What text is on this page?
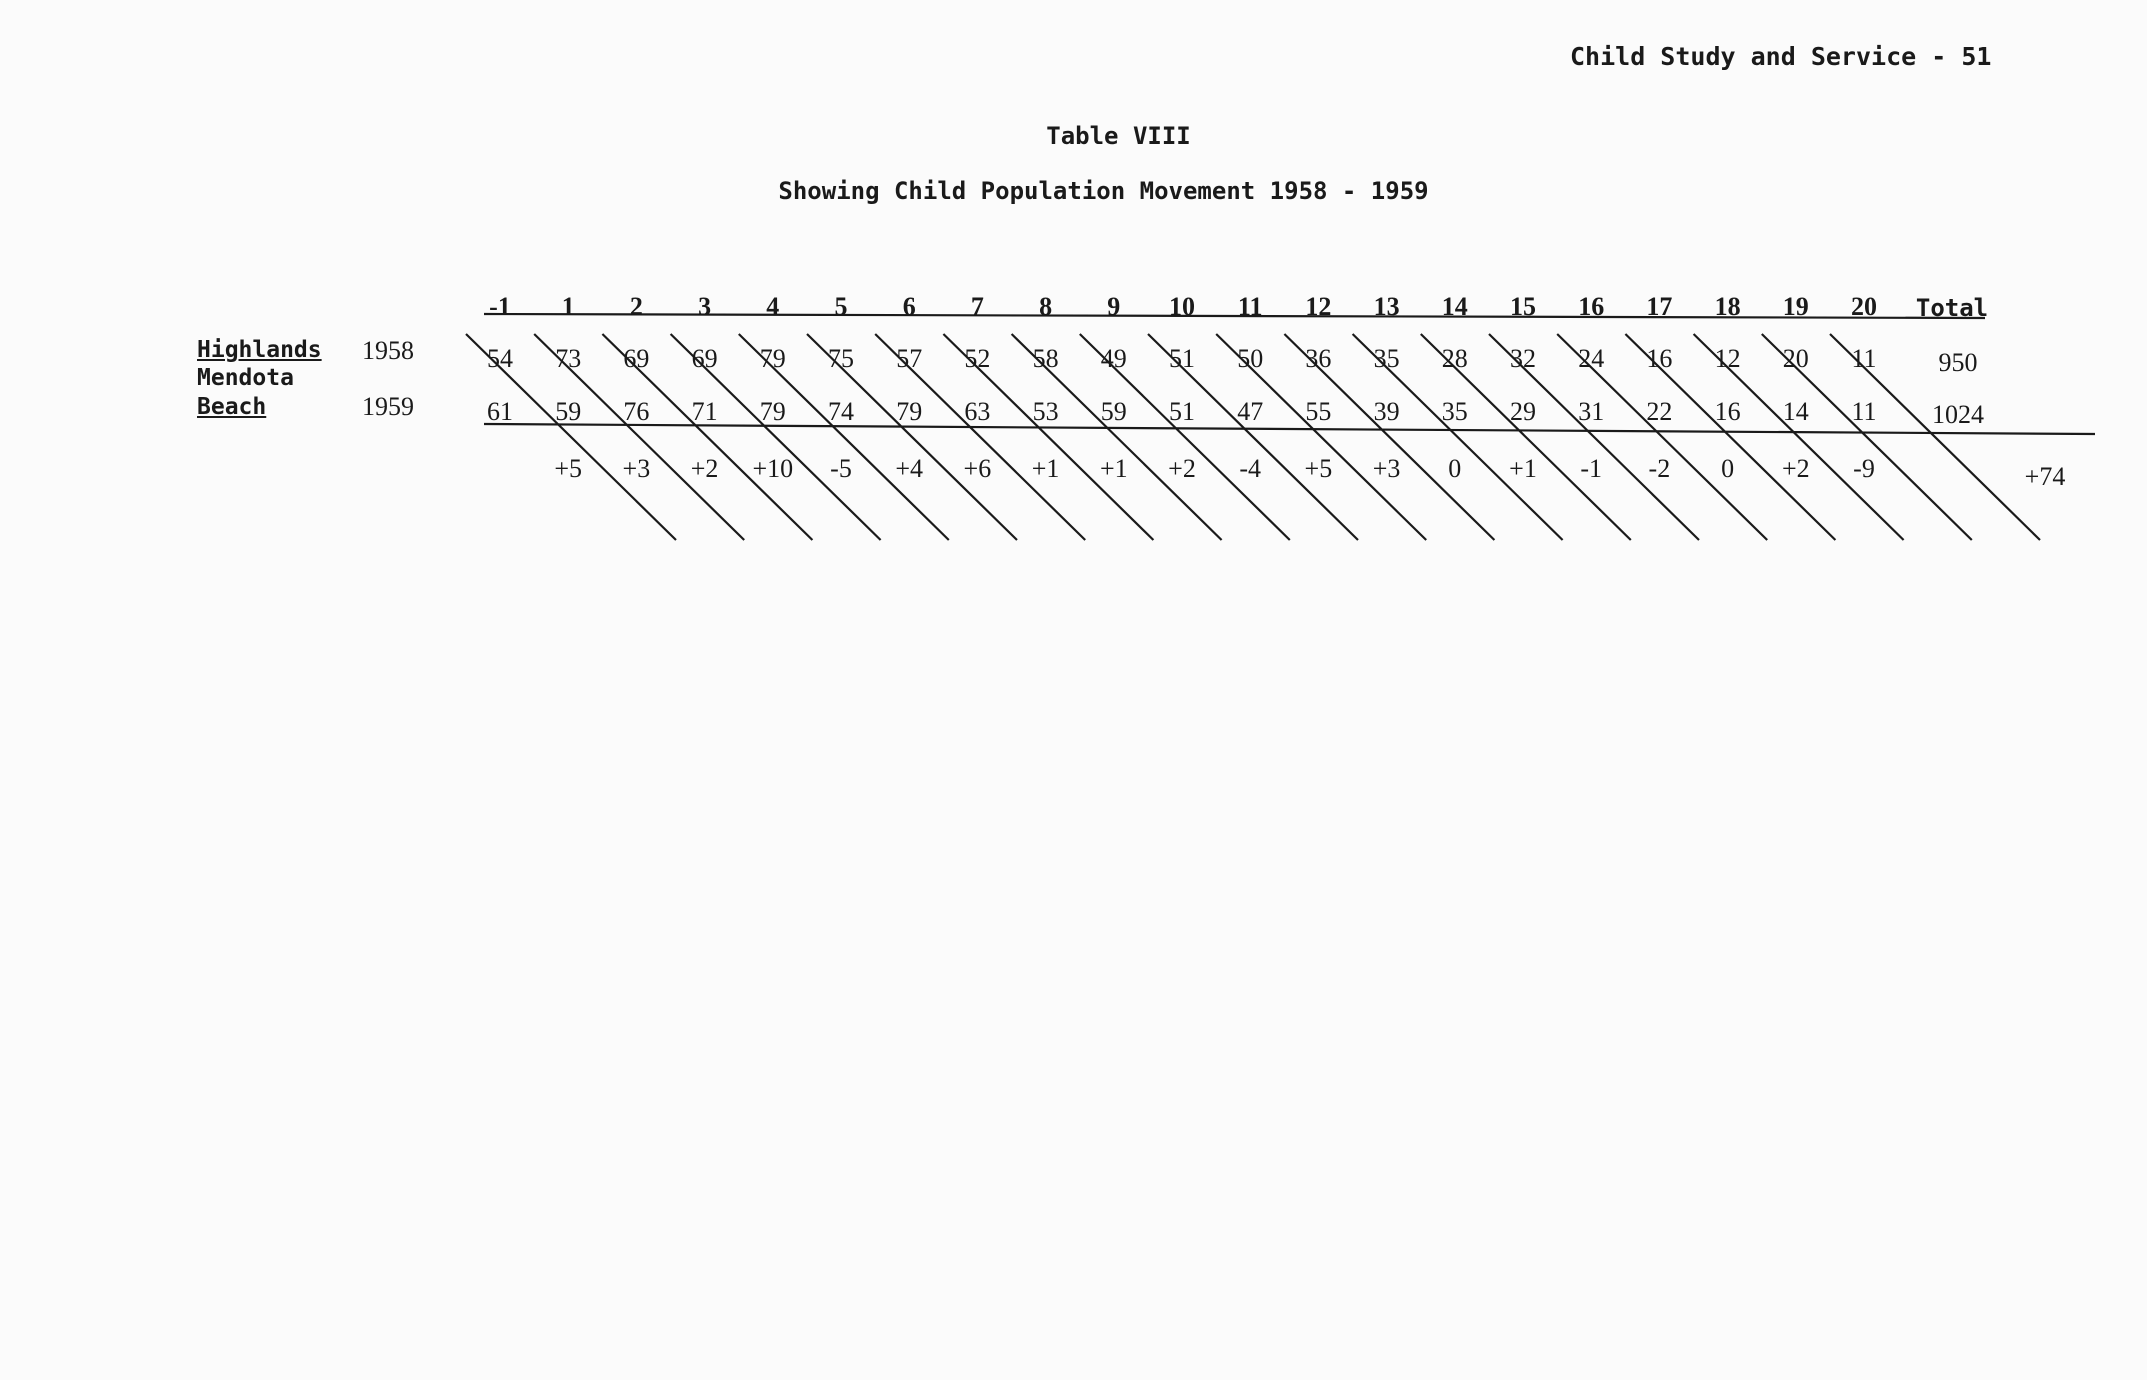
Child Study and Service - 51
Table VIII
Showing Child Population Movement 1958 - 1959
Highlands
Mendota
Beach
1958
1959
Total
-1 1 2 3 4 5 6 7 8 9 10 11 12 13 14 15 16 17 18 19 20
54 73 69 69 79 75 57 52 58 49 51 50 36 35 28 32 24 16 12 20 11 950
61 59 76 71 79 74 79 63 53 59 51 47 55 39 35 29 31 22 16 14 11 1024
+5 +3 +2 +10 -5 +4 +6 +1 +1 +2 -4 +5 +3 0 +1 -1 -2 0 +2 -9	+74
